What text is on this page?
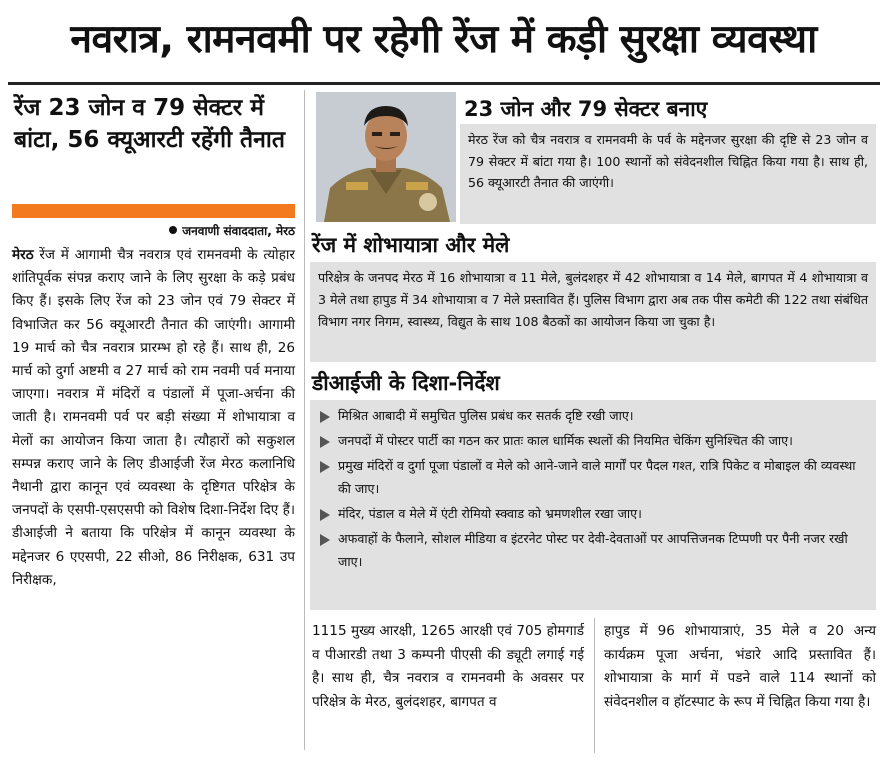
नवरात्र, रामनवमी पर रहेगी रेंज में कड़ी सुरक्षा व्यवस्था
रेंज 23 जोन व 79 सेक्टर में बांटा, 56 क्यूआरटी रहेंगी तैनात
जनवाणी संवाददाता, मेरठ
मेरठ रेंज में आगामी चैत्र नवरात्र एवं रामनवमी के त्योहार शांतिपूर्वक संपन्न कराए जाने के लिए सुरक्षा के कड़े प्रबंध किए हैं। इसके लिए रेंज को 23 जोन एवं 79 सेक्टर में विभाजित कर 56 क्यूआरटी तैनात की जाएंगी। आगामी 19 मार्च को चैत्र नवरात्र प्रारम्भ हो रहे हैं। साथ ही, 26 मार्च को दुर्गा अष्टमी व 27 मार्च को राम नवमी पर्व मनाया जाएगा। नवरात्र में मंदिरों व पंडालों में पूजा-अर्चना की जाती है। रामनवमी पर्व पर बड़ी संख्या में शोभायात्रा व मेलों का आयोजन किया जाता है। त्यौहारों को सकुशल सम्पन्न कराए जाने के लिए डीआईजी रेंज मेरठ कलानिधि नैथानी द्वारा कानून एवं व्यवस्था के दृष्टिगत परिक्षेत्र के जनपदों के एसपी-एसएसपी को विशेष दिशा-निर्देश दिए हैं। डीआईजी ने बताया कि परिक्षेत्र में कानून व्यवस्था के मद्देनजर 6 एएसपी, 22 सीओ, 86 निरीक्षक, 631 उप निरीक्षक,
23 जोन और 79 सेक्टर बनाए
मेरठ रेंज को चैत्र नवरात्र व रामनवमी के पर्व के मद्देनजर सुरक्षा की दृष्टि से 23 जोन व 79 सेक्टर में बांटा गया है। 100 स्थानों को संवेदनशील चिह्नित किया गया है। साथ ही, 56 क्यूआरटी तैनात की जाएंगी।
रेंज में शोभायात्रा और मेले
परिक्षेत्र के जनपद मेरठ में 16 शोभायात्रा व 11 मेले, बुलंदशहर में 42 शोभायात्रा व 14 मेले, बागपत में 4 शोभायात्रा व 3 मेले तथा हापुड में 34 शोभायात्रा व 7 मेले प्रस्तावित हैं। पुलिस विभाग द्वारा अब तक पीस कमेटी की 122 तथा संबंधित विभाग नगर निगम, स्वास्थ्य, विद्युत के साथ 108 बैठकों का आयोजन किया जा चुका है।
डीआईजी के दिशा-निर्देश
मिश्रित आबादी में समुचित पुलिस प्रबंध कर सतर्क दृष्टि रखी जाए।
जनपदों में पोस्टर पार्टी का गठन कर प्रातः काल धार्मिक स्थलों की नियमित चेकिंग सुनिश्चित की जाए।
प्रमुख मंदिरों व दुर्गा पूजा पंडालों व मेले को आने-जाने वाले मार्गों पर पैदल गश्त, रात्रि पिकेट व मोबाइल की व्यवस्था की जाए।
मंदिर, पंडाल व मेले में एंटी रोमियो स्क्वाड को भ्रमणशील रखा जाए।
अफवाहों के फैलाने, सोशल मीडिया व इंटरनेट पोस्ट पर देवी-देवताओं पर आपत्तिजनक टिप्पणी पर पैनी नजर रखी जाए।
1115 मुख्य आरक्षी, 1265 आरक्षी एवं 705 होमगार्ड व पीआरडी तथा 3 कम्पनी पीएसी की ड्यूटी लगाई गई है। साथ ही, चैत्र नवरात्र व रामनवमी के अवसर पर परिक्षेत्र के मेरठ, बुलंदशहर, बागपत व
हापुड में 96 शोभायात्राएं, 35 मेले व 20 अन्य कार्यक्रम पूजा अर्चना, भंडारे आदि प्रस्तावित हैं। शोभायात्रा के मार्ग में पडने वाले 114 स्थानों को संवेदनशील व हॉटस्पाट के रूप में चिह्नित किया गया है।
